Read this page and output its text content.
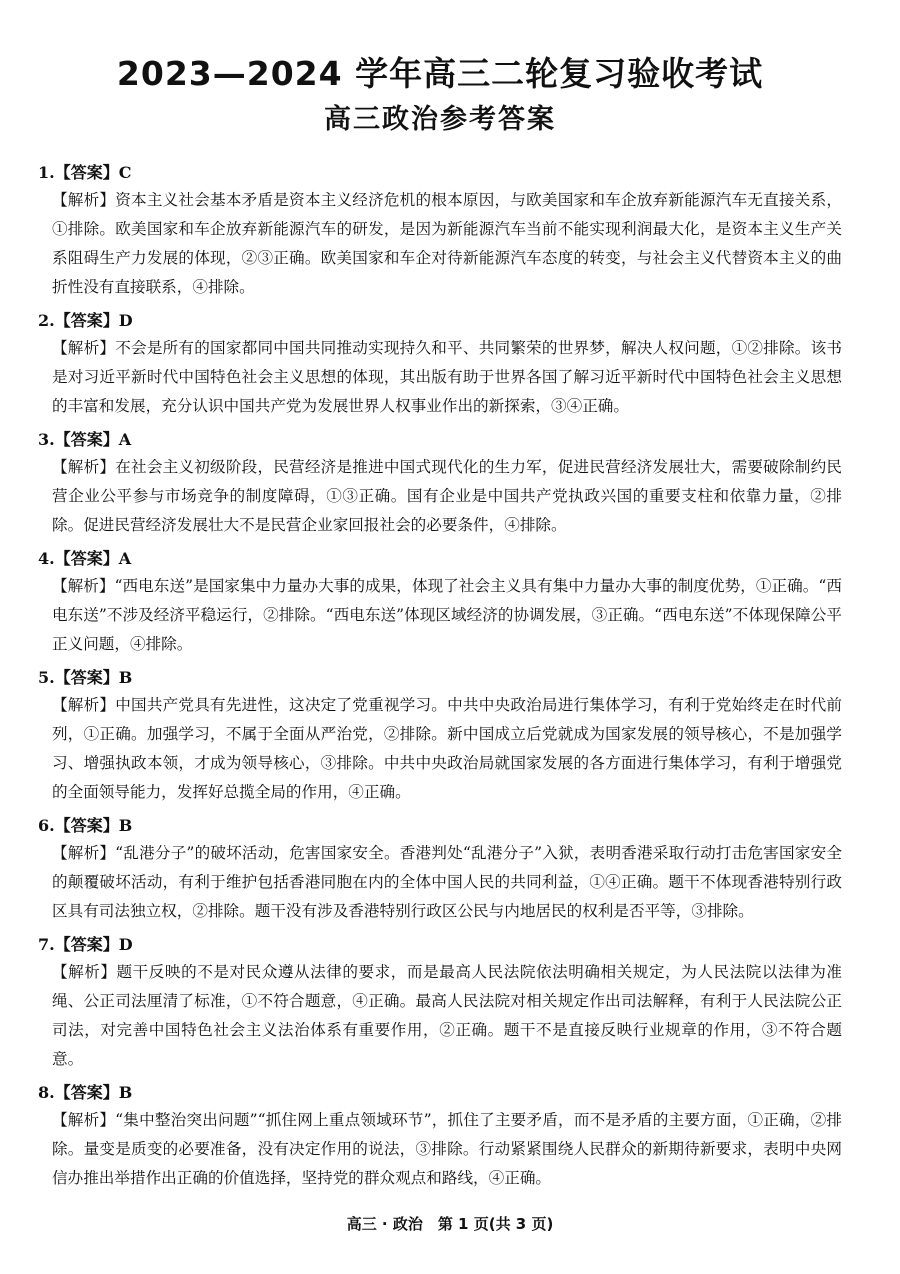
2023—2024 学年高三二轮复习验收考试
高三政治参考答案
1.【答案】C
【解析】资本主义社会基本矛盾是资本主义经济危机的根本原因，与欧美国家和车企放弃新能源汽车无直接关系，①排除。欧美国家和车企放弃新能源汽车的研发，是因为新能源汽车当前不能实现利润最大化，是资本主义生产关系阻碍生产力发展的体现，②③正确。欧美国家和车企对待新能源汽车态度的转变，与社会主义代替资本主义的曲折性没有直接联系，④排除。
2.【答案】D
【解析】不会是所有的国家都同中国共同推动实现持久和平、共同繁荣的世界梦，解决人权问题，①②排除。该书是对习近平新时代中国特色社会主义思想的体现，其出版有助于世界各国了解习近平新时代中国特色社会主义思想的丰富和发展，充分认识中国共产党为发展世界人权事业作出的新探索，③④正确。
3.【答案】A
【解析】在社会主义初级阶段，民营经济是推进中国式现代化的生力军，促进民营经济发展壮大，需要破除制约民营企业公平参与市场竞争的制度障碍，①③正确。国有企业是中国共产党执政兴国的重要支柱和依靠力量，②排除。促进民营经济发展壮大不是民营企业家回报社会的必要条件，④排除。
4.【答案】A
【解析】“西电东送”是国家集中力量办大事的成果，体现了社会主义具有集中力量办大事的制度优势，①正确。“西电东送”不涉及经济平稳运行，②排除。“西电东送”体现区域经济的协调发展，③正确。“西电东送”不体现保障公平正义问题，④排除。
5.【答案】B
【解析】中国共产党具有先进性，这决定了党重视学习。中共中央政治局进行集体学习，有利于党始终走在时代前列，①正确。加强学习，不属于全面从严治党，②排除。新中国成立后党就成为国家发展的领导核心，不是加强学习、增强执政本领，才成为领导核心，③排除。中共中央政治局就国家发展的各方面进行集体学习，有利于增强党的全面领导能力，发挥好总揽全局的作用，④正确。
6.【答案】B
【解析】“乱港分子”的破坏活动，危害国家安全。香港判处“乱港分子”入狱，表明香港采取行动打击危害国家安全的颠覆破坏活动，有利于维护包括香港同胞在内的全体中国人民的共同利益，①④正确。题干不体现香港特别行政区具有司法独立权，②排除。题干没有涉及香港特别行政区公民与内地居民的权利是否平等，③排除。
7.【答案】D
【解析】题干反映的不是对民众遵从法律的要求，而是最高人民法院依法明确相关规定，为人民法院以法律为准绳、公正司法厘清了标准，①不符合题意，④正确。最高人民法院对相关规定作出司法解释，有利于人民法院公正司法，对完善中国特色社会主义法治体系有重要作用，②正确。题干不是直接反映行业规章的作用，③不符合题意。
8.【答案】B
【解析】“集中整治突出问题”“抓住网上重点领域环节”，抓住了主要矛盾，而不是矛盾的主要方面，①正确，②排除。量变是质变的必要准备，没有决定作用的说法，③排除。行动紧紧围绕人民群众的新期待新要求，表明中央网信办推出举措作出正确的价值选择，坚持党的群众观点和路线，④正确。
高三 · 政治　第 1 页(共 3 页)
